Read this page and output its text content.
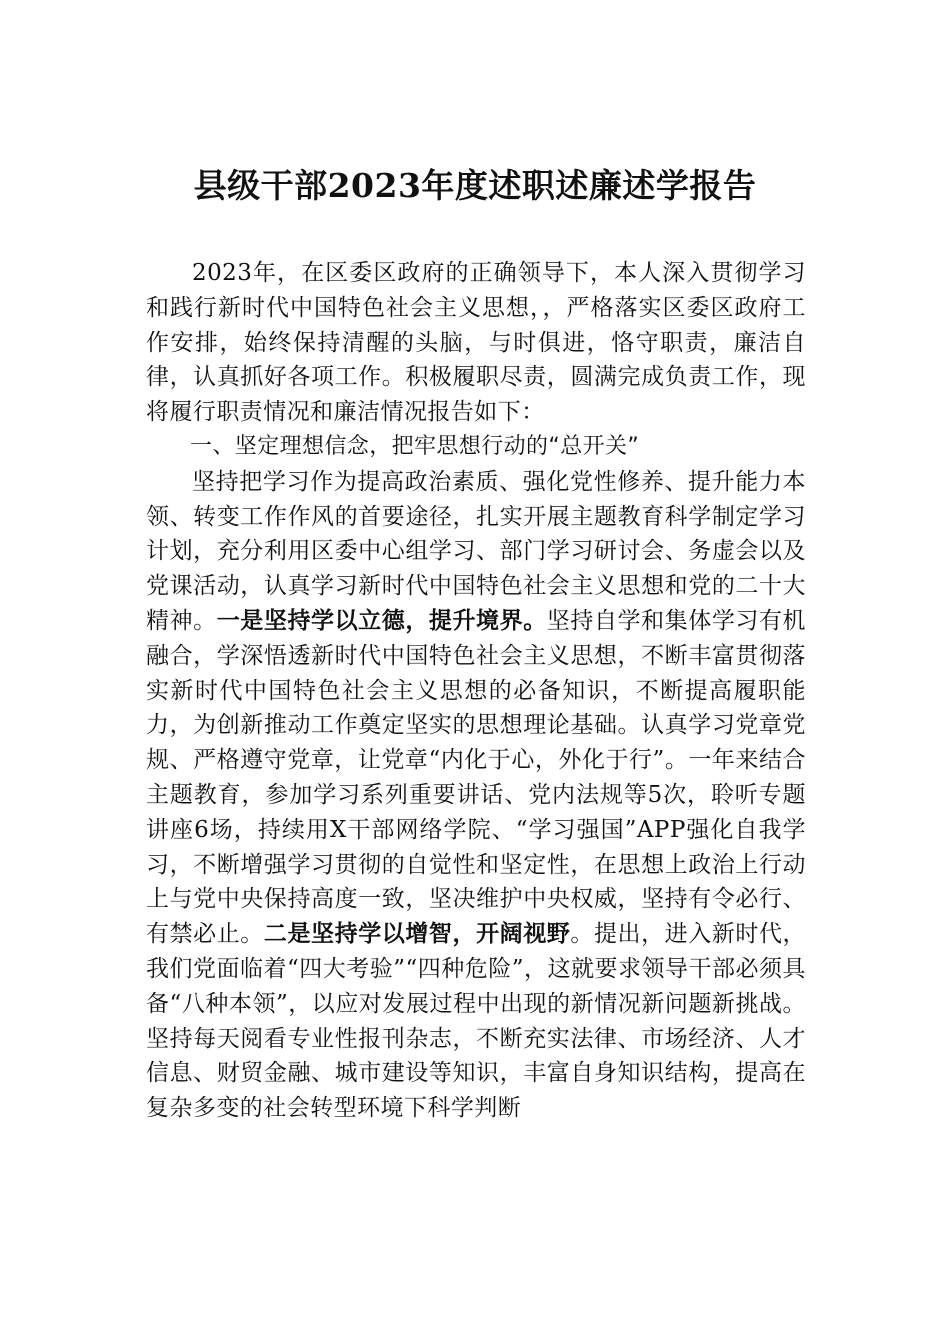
县级干部2023年度述职述廉述学报告

2023年，在区委区政府的正确领导下，本人深入贯彻学习和践行新时代中国特色社会主义思想，，严格落实区委区政府工作安排，始终保持清醒的头脑，与时俱进，恪守职责，廉洁自律，认真抓好各项工作。积极履职尽责，圆满完成负责工作，现将履行职责情况和廉洁情况报告如下：

一、坚定理想信念，把牢思想行动的“总开关”

坚持把学习作为提高政治素质、强化党性修养、提升能力本领、转变工作作风的首要途径，扎实开展主题教育科学制定学习计划，充分利用区委中心组学习、部门学习研讨会、务虚会以及党课活动，认真学习新时代中国特色社会主义思想和党的二十大精神。一是坚持学以立德，提升境界。坚持自学和集体学习有机融合，学深悟透新时代中国特色社会主义思想，不断丰富贯彻落实新时代中国特色社会主义思想的必备知识，不断提高履职能力，为创新推动工作奠定坚实的思想理论基础。认真学习党章党规、严格遵守党章，让党章“内化于心，外化于行”。一年来结合主题教育，参加学习系列重要讲话、党内法规等5次，聆听专题讲座6场，持续用X干部网络学院、“学习强国”APP强化自我学习，不断增强学习贯彻的自觉性和坚定性，在思想上政治上行动上与党中央保持高度一致，坚决维护中央权威，坚持有令必行、有禁必止。二是坚持学以增智，开阔视野。提出，进入新时代，我们党面临着“四大考验”“四种危险”，这就要求领导干部必须具备“八种本领”，以应对发展过程中出现的新情况新问题新挑战。坚持每天阅看专业性报刊杂志，不断充实法律、市场经济、人才信息、财贸金融、城市建设等知识，丰富自身知识结构，提高在复杂多变的社会转型环境下科学判断
